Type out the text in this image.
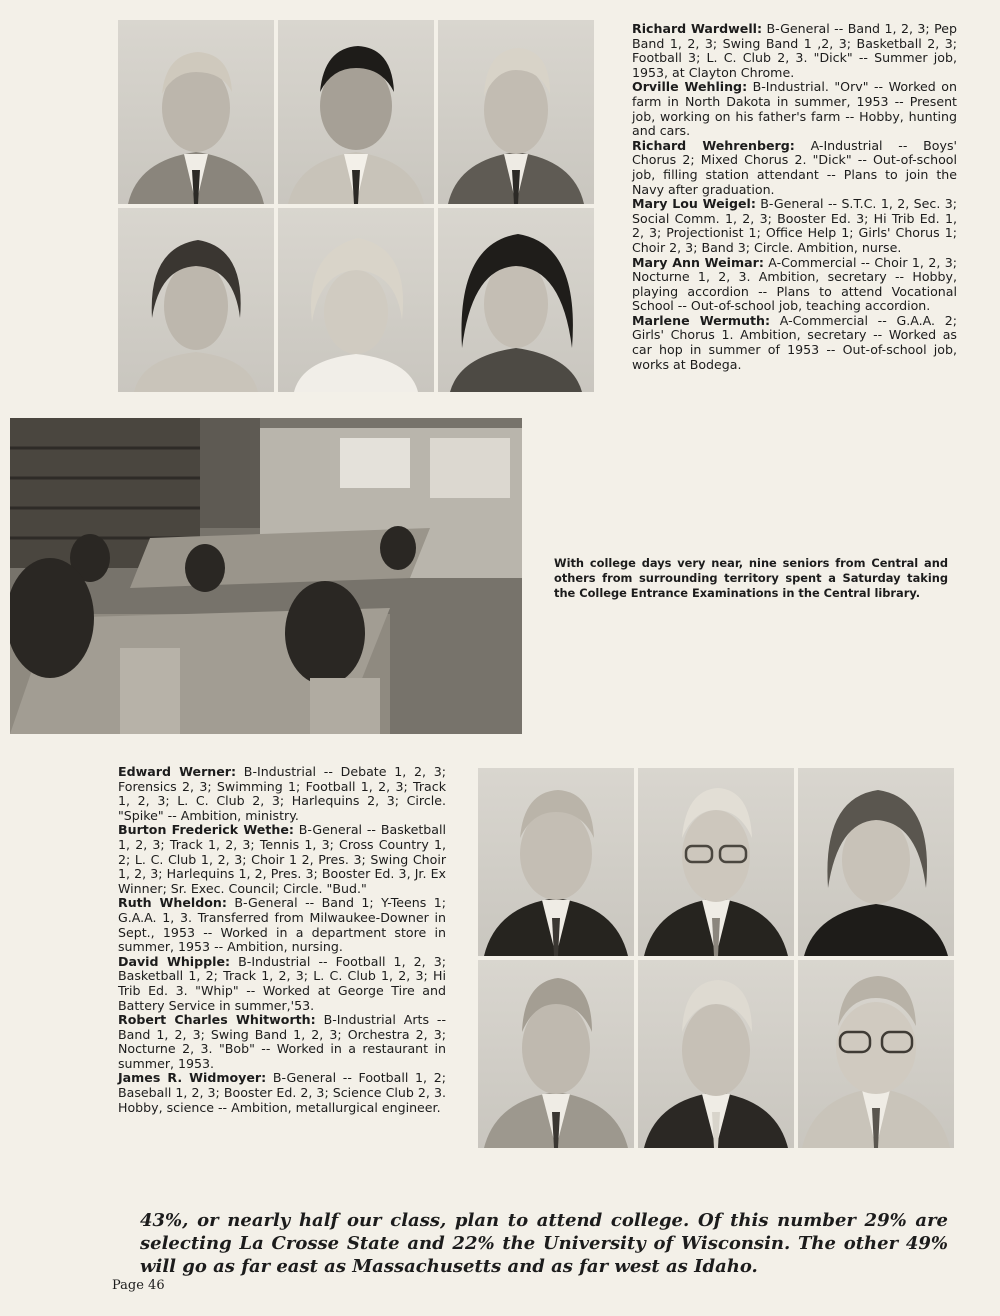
Richard Wardwell: B-General -- Band 1, 2, 3; Pep Band 1, 2, 3; Swing Band 1 ,2, 3; Basketball 2, 3; Football 3; L. C. Club 2, 3. "Dick" -- Summer job, 1953, at Clayton Chrome.

Orville Wehling: B-Industrial. "Orv" -- Worked on farm in North Dakota in summer, 1953 -- Present job, working on his father's farm -- Hobby, hunting and cars.

Richard Wehrenberg: A-Industrial -- Boys' Chorus 2; Mixed Chorus 2. "Dick" -- Out-of-school job, filling station attendant -- Plans to join the Navy after graduation.

Mary Lou Weigel: B-General -- S.T.C. 1, 2, Sec. 3; Social Comm. 1, 2, 3; Booster Ed. 3; Hi Trib Ed. 1, 2, 3; Projectionist 1; Office Help 1; Girls' Chorus 1; Choir 2, 3; Band 3; Circle. Ambition, nurse.

Mary Ann Weimar: A-Commercial -- Choir 1, 2, 3; Nocturne 1, 2, 3. Ambition, secretary -- Hobby, playing accordion -- Plans to attend Vocational School -- Out-of-school job, teaching accordion.

Marlene Wermuth: A-Commercial -- G.A.A. 2; Girls' Chorus 1. Ambition, secretary -- Worked as car hop in summer of 1953 -- Out-of-school job, works at Bodega.

With college days very near, nine seniors from Central and others from surrounding territory spent a Saturday taking the College Entrance Examinations in the Central library.

Edward Werner: B-Industrial -- Debate 1, 2, 3; Forensics 2, 3; Swimming 1; Football 1, 2, 3; Track 1, 2, 3; L. C. Club 2, 3; Harlequins 2, 3; Circle. "Spike" -- Ambition, ministry.

Burton Frederick Wethe: B-General -- Basketball 1, 2, 3; Track 1, 2, 3; Tennis 1, 3; Cross Country 1, 2; L. C. Club 1, 2, 3; Choir 1 2, Pres. 3; Swing Choir 1, 2, 3; Harlequins 1, 2, Pres. 3; Booster Ed. 3, Jr. Ex Winner; Sr. Exec. Council; Circle. "Bud."

Ruth Wheldon: B-General -- Band 1; Y-Teens 1; G.A.A. 1, 3. Transferred from Milwaukee-Downer in Sept., 1953 -- Worked in a department store in summer, 1953 -- Ambition, nursing.

David Whipple: B-Industrial -- Football 1, 2, 3; Basketball 1, 2; Track 1, 2, 3; L. C. Club 1, 2, 3; Hi Trib Ed. 3. "Whip" -- Worked at George Tire and Battery Service in summer,'53.

Robert Charles Whitworth: B-Industrial Arts -- Band 1, 2, 3; Swing Band 1, 2, 3; Orchestra 2, 3; Nocturne 2, 3. "Bob" -- Worked in a restaurant in summer, 1953.

James R. Widmoyer: B-General -- Football 1, 2; Baseball 1, 2, 3; Booster Ed. 2, 3; Science Club 2, 3. Hobby, science -- Ambition, metallurgical engineer.

43%, or nearly half our class, plan to attend college. Of this number 29% are selecting La Crosse State and 22% the University of Wisconsin. The other 49% will go as far east as Massachusetts and as far west as Idaho.
Page 46
